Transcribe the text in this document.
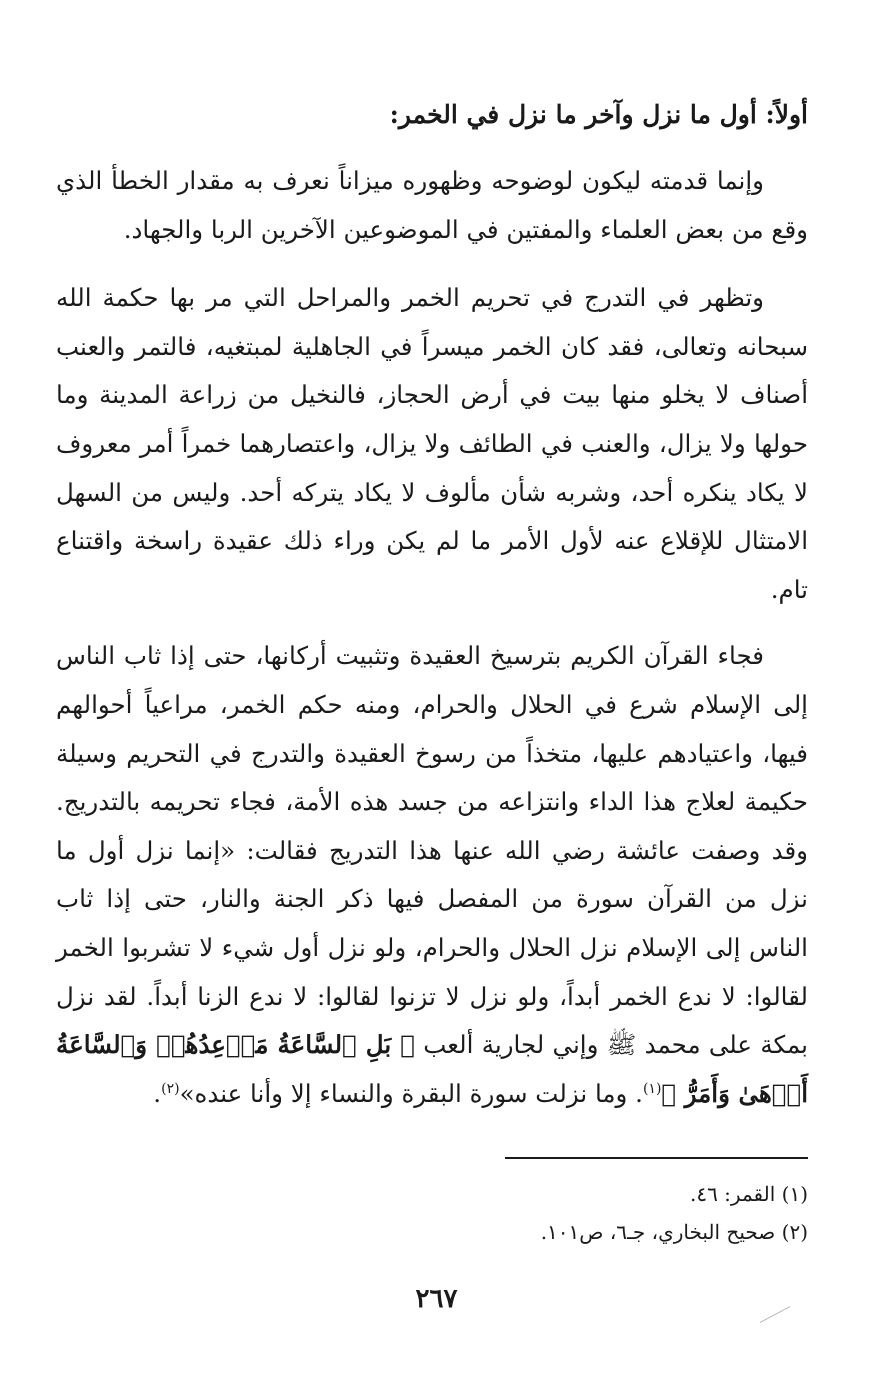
أولاً: أول ما نزل وآخر ما نزل في الخمر:

وإنما قدمته ليكون لوضوحه وظهوره ميزاناً نعرف به مقدار الخطأ الذي وقع من بعض العلماء والمفتين في الموضوعين الآخرين الربا والجهاد.

وتظهر في التدرج في تحريم الخمر والمراحل التي مر بها حكمة الله سبحانه وتعالى، فقد كان الخمر ميسراً في الجاهلية لمبتغيه، فالتمر والعنب أصناف لا يخلو منها بيت في أرض الحجاز، فالنخيل من زراعة المدينة وما حولها ولا يزال، والعنب في الطائف ولا يزال، واعتصارهما خمراً أمر معروف لا يكاد ينكره أحد، وشربه شأن مألوف لا يكاد يتركه أحد. وليس من السهل الامتثال للإقلاع عنه لأول الأمر ما لم يكن وراء ذلك عقيدة راسخة واقتناع تام.

فجاء القرآن الكريم بترسيخ العقيدة وتثبيت أركانها، حتى إذا ثاب الناس إلى الإسلام شرع في الحلال والحرام، ومنه حكم الخمر، مراعياً أحوالهم فيها، واعتيادهم عليها، متخذاً من رسوخ العقيدة والتدرج في التحريم وسيلة حكيمة لعلاج هذا الداء وانتزاعه من جسد هذه الأمة، فجاء تحريمه بالتدريج. وقد وصفت عائشة رضي الله عنها هذا التدريج فقالت: «إنما نزل أول ما نزل من القرآن سورة من المفصل فيها ذكر الجنة والنار، حتى إذا ثاب الناس إلى الإسلام نزل الحلال والحرام، ولو نزل أول شيء لا تشربوا الخمر لقالوا: لا ندع الخمر أبداً، ولو نزل لا تزنوا لقالوا: لا ندع الزنا أبداً. لقد نزل بمكة على محمد ﷺ وإني لجارية ألعب ﴿ بَلِ ٱلسَّاعَةُ مَوۡعِدُهُمۡ وَٱلسَّاعَةُ أَدۡهَىٰ وَأَمَرُّ ﴾$^{(١)}$. وما نزلت سورة البقرة والنساء إلا وأنا عنده»$^{(٢)}$.

(١) القمر: ٤٦.

(٢) صحيح البخاري، جـ٦، ص١٠١.

٢٦٧
